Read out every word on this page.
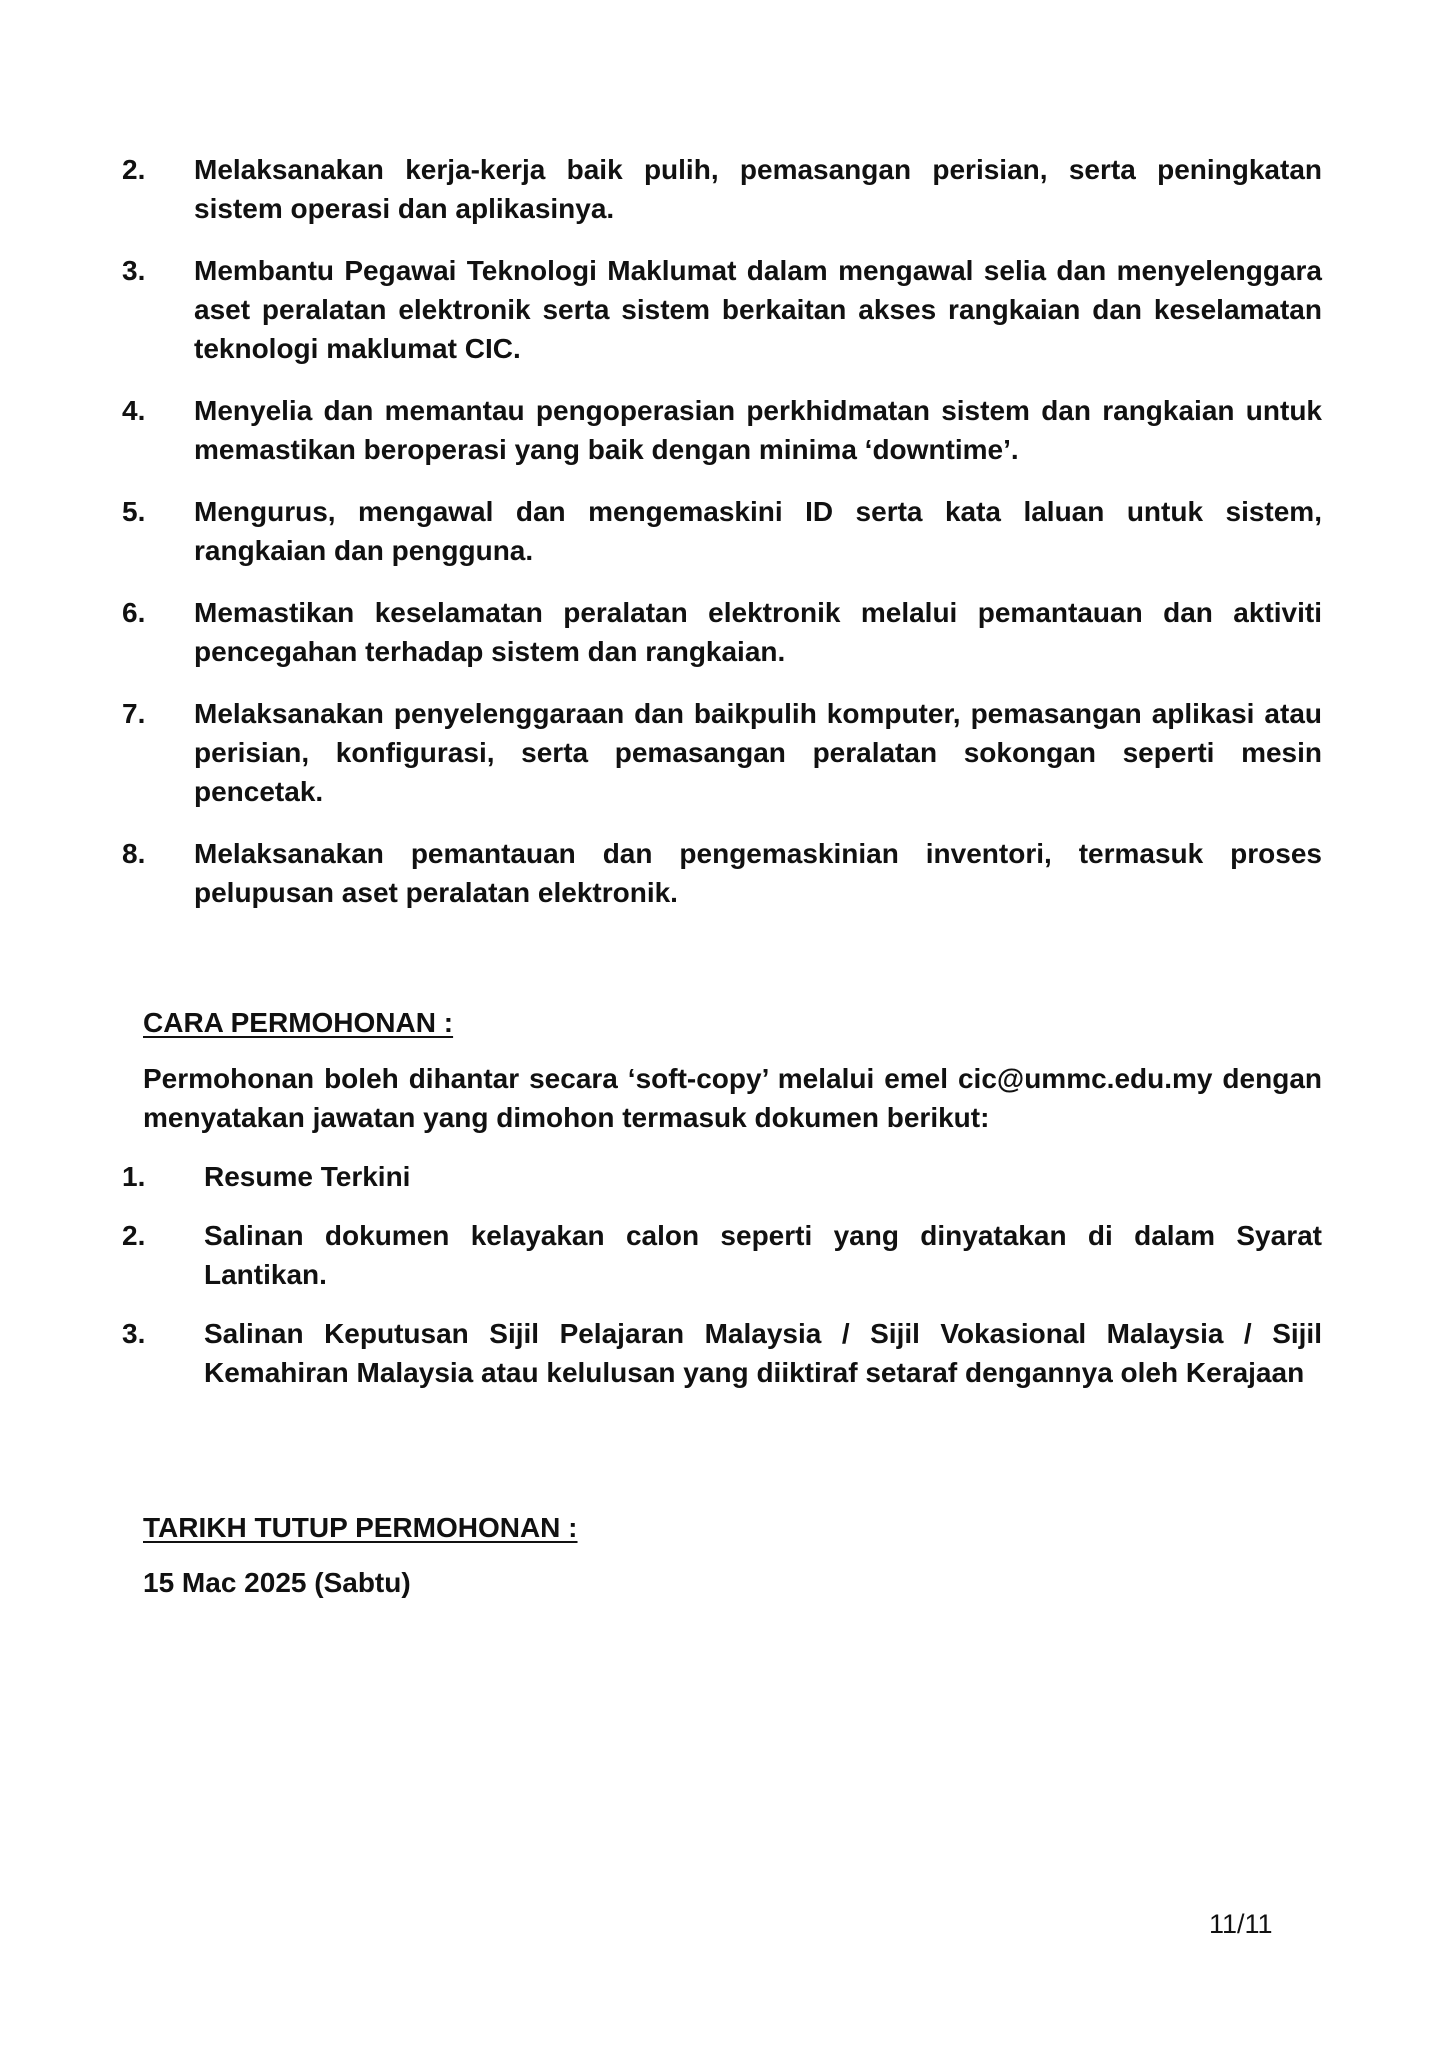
2. Melaksanakan kerja-kerja baik pulih, pemasangan perisian, serta peningkatan sistem operasi dan aplikasinya.
3. Membantu Pegawai Teknologi Maklumat dalam mengawal selia dan menyelenggara aset peralatan elektronik serta sistem berkaitan akses rangkaian dan keselamatan teknologi maklumat CIC.
4. Menyelia dan memantau pengoperasian perkhidmatan sistem dan rangkaian untuk memastikan beroperasi yang baik dengan minima ‘downtime’.
5. Mengurus, mengawal dan mengemaskini ID serta kata laluan untuk sistem, rangkaian dan pengguna.
6. Memastikan keselamatan peralatan elektronik melalui pemantauan dan aktiviti pencegahan terhadap sistem dan rangkaian.
7. Melaksanakan penyelenggaraan dan baikpulih komputer, pemasangan aplikasi atau perisian, konfigurasi, serta pemasangan peralatan sokongan seperti mesin pencetak.
8. Melaksanakan pemantauan dan pengemaskinian inventori, termasuk proses pelupusan aset peralatan elektronik.
CARA PERMOHONAN :

Permohonan boleh dihantar secara ‘soft-copy’ melalui emel cic@ummc.edu.my dengan menyatakan jawatan yang dimohon termasuk dokumen berikut:

1. Resume Terkini
2. Salinan dokumen kelayakan calon seperti yang dinyatakan di dalam Syarat Lantikan.
3. Salinan Keputusan Sijil Pelajaran Malaysia / Sijil Vokasional Malaysia / Sijil Kemahiran Malaysia atau kelulusan yang diiktiraf setaraf dengannya oleh Kerajaan
TARIKH TUTUP PERMOHONAN :

15 Mac 2025 (Sabtu)

11/11
